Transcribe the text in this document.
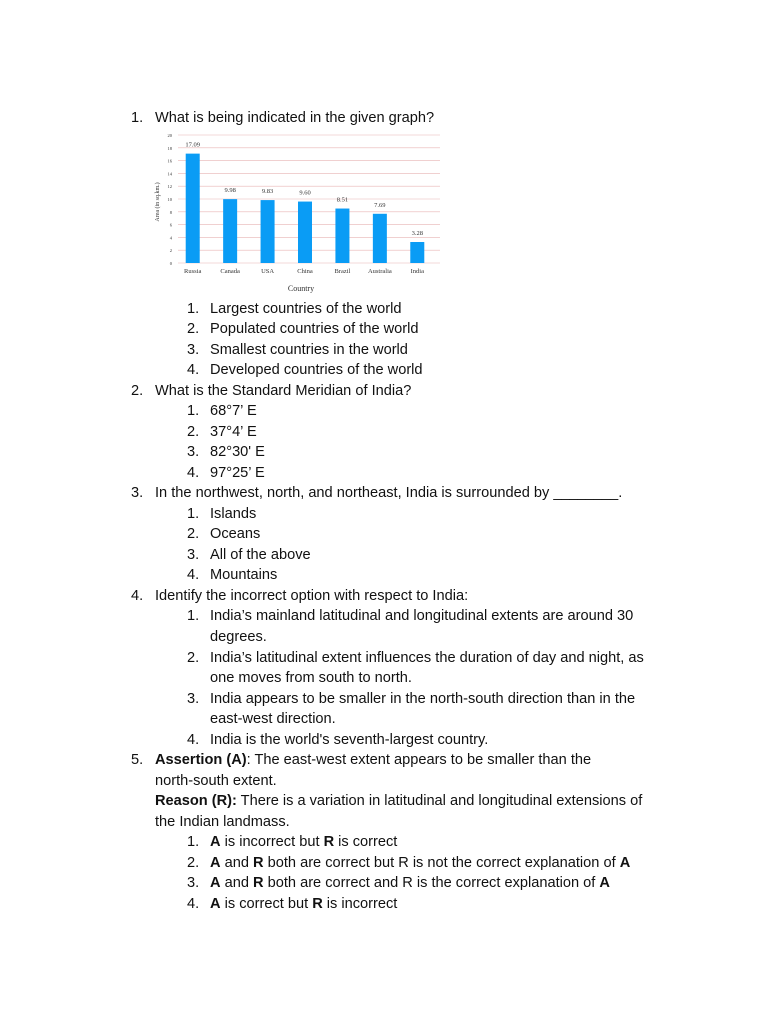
1. What is being indicated in the given graph?
0
2
4
6
8
10
12
14
16
18
20
17.09
9.98	9.83	9.60
8.51
7.69
3.28
Russia	Canada	USA	China	Brazil	Australia	India
Area (in sq.km.)
Country
1. Largest countries of the world
2. Populated countries of the world
3. Smallest countries in the world
4. Developed countries of the world
2. What is the Standard Meridian of India?
1. 68°7’ E
2. 37°4’ E
3. 82°30' E
4. 97°25’ E
3. In the northwest, north, and northeast, India is surrounded by ________.
1. Islands
2. Oceans
3. All of the above
4. Mountains
4. Identify the incorrect option with respect to India:
1. India’s mainland latitudinal and longitudinal extents are around 30
degrees.
2. India’s latitudinal extent influences the duration of day and night, as
one moves from south to north.
3. India appears to be smaller in the north-south direction than in the
east-west direction.
4. India is the world's seventh-largest country.
5. Assertion (A): The east-west extent appears to be smaller than the
north-south extent.
Reason (R): There is a variation in latitudinal and longitudinal extensions of
the Indian landmass.
1. A is incorrect but R is correct
2. A and R both are correct but R is not the correct explanation of A
3. A and R both are correct and R is the correct explanation of A
4. A is correct but R is incorrect
